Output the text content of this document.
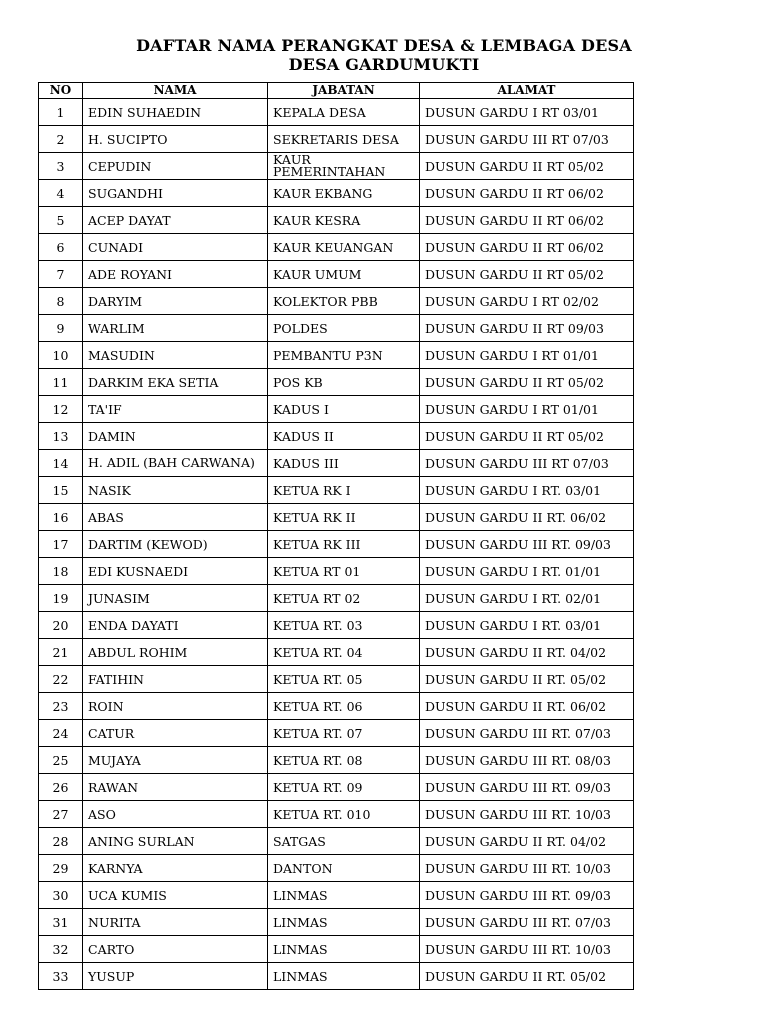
DAFTAR NAMA PERANGKAT DESA & LEMBAGA DESA
DESA GARDUMUKTI
NO	NAMA	JABATAN	ALAMAT
1	EDIN SUHAEDIN	KEPALA DESA	DUSUN GARDU I RT 03/01
2	H. SUCIPTO	SEKRETARIS DESA	DUSUN GARDU III RT 07/03
3	CEPUDIN	KAUR PEMERINTAHAN	DUSUN GARDU II RT 05/02
4	SUGANDHI	KAUR EKBANG	DUSUN GARDU II RT 06/02
5	ACEP DAYAT	KAUR KESRA	DUSUN GARDU II RT 06/02
6	CUNADI	KAUR KEUANGAN	DUSUN GARDU II RT 06/02
7	ADE ROYANI	KAUR UMUM	DUSUN GARDU II RT 05/02
8	DARYIM	KOLEKTOR PBB	DUSUN GARDU I RT 02/02
9	WARLIM	POLDES	DUSUN GARDU II RT 09/03
10	MASUDIN	PEMBANTU P3N	DUSUN GARDU I RT 01/01
11	DARKIM EKA SETIA	POS KB	DUSUN GARDU II RT 05/02
12	TA'IF	KADUS I	DUSUN GARDU I RT 01/01
13	DAMIN	KADUS II	DUSUN GARDU II RT 05/02
14	H. ADIL (BAH CARWANA)	KADUS III	DUSUN GARDU III RT 07/03
15	NASIK	KETUA RK I	DUSUN GARDU I RT. 03/01
16	ABAS	KETUA RK II	DUSUN GARDU II RT. 06/02
17	DARTIM (KEWOD)	KETUA RK III	DUSUN GARDU III RT. 09/03
18	EDI KUSNAEDI	KETUA RT 01	DUSUN GARDU I RT. 01/01
19	JUNASIM	KETUA RT 02	DUSUN GARDU I RT. 02/01
20	ENDA DAYATI	KETUA RT. 03	DUSUN GARDU I RT. 03/01
21	ABDUL ROHIM	KETUA RT. 04	DUSUN GARDU II RT. 04/02
22	FATIHIN	KETUA RT. 05	DUSUN GARDU II RT. 05/02
23	ROIN	KETUA RT. 06	DUSUN GARDU II RT. 06/02
24	CATUR	KETUA RT. 07	DUSUN GARDU III RT. 07/03
25	MUJAYA	KETUA RT. 08	DUSUN GARDU III RT. 08/03
26	RAWAN	KETUA RT. 09	DUSUN GARDU III RT. 09/03
27	ASO	KETUA RT. 010	DUSUN GARDU III RT. 10/03
28	ANING SURLAN	SATGAS	DUSUN GARDU II RT. 04/02
29	KARNYA	DANTON	DUSUN GARDU III RT. 10/03
30	UCA KUMIS	LINMAS	DUSUN GARDU III RT. 09/03
31	NURITA	LINMAS	DUSUN GARDU III RT. 07/03
32	CARTO	LINMAS	DUSUN GARDU III RT. 10/03
33	YUSUP	LINMAS	DUSUN GARDU II RT. 05/02
